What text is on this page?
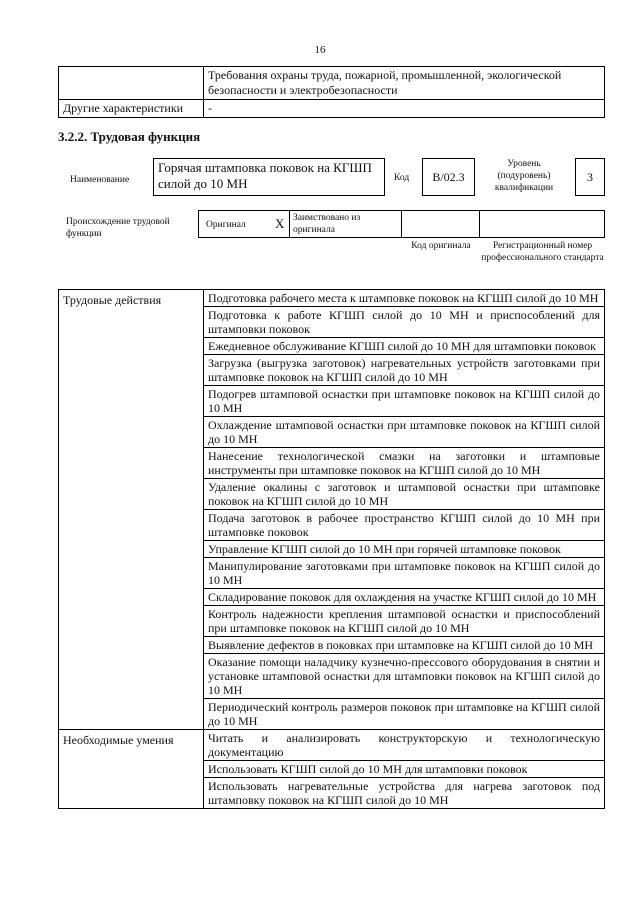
16
	Требования охраны труда, пожарной, промышленной, экологической безопасности и электробезопасности
Другие характеристики	-
3.2.2. Трудовая функция
Наименование
Горячая штамповка поковок на КГШП силой до 10 МН	Код	B/02.3
Уровень (подуровень) квалификации
3
Происхождение трудовой функции
Оригинал X Заимствовано из оригинала
Код оригинала	Регистрационный номер профессионального стандарта
Трудовые действия	Подготовка рабочего места к штамповке поковок на КГШП силой до 10 МН
	Подготовка к работе КГШП силой до 10 МН и приспособлений для штамповки поковок
	Ежедневное обслуживание КГШП силой до 10 МН для штамповки поковок
	Загрузка (выгрузка заготовок) нагревательных устройств заготовками при штамповке поковок на КГШП силой до 10 МН
	Подогрев штамповой оснастки при штамповке поковок на КГШП силой до 10 МН
	Охлаждение штамповой оснастки при штамповке поковок на КГШП силой до 10 МН
	Нанесение технологической смазки на заготовки и штамповые инструменты при штамповке поковок на КГШП силой до 10 МН
	Удаление окалины с заготовок и штамповой оснастки при штамповке поковок на КГШП силой до 10 МН
	Подача заготовок в рабочее пространство КГШП силой до 10 МН при штамповке поковок
	Управление КГШП силой до 10 МН при горячей штамповке поковок
	Манипулирование заготовками при штамповке поковок на КГШП силой до 10 МН
	Складирование поковок для охлаждения на участке КГШП силой до 10 МН
	Контроль надежности крепления штамповой оснастки и приспособлений при штамповке поковок на КГШП силой до 10 МН
	Выявление дефектов в поковках при штамповке на КГШП силой до 10 МН
	Оказание помощи наладчику кузнечно-прессового оборудования в снятии и установке штамповой оснастки для штамповки поковок на КГШП силой до 10 МН
	Периодический контроль размеров поковок при штамповке на КГШП силой до 10 МН
Необходимые умения	Читать и анализировать конструкторскую и технологическую документацию
	Использовать КГШП силой до 10 МН для штамповки поковок
	Использовать нагревательные устройства для нагрева заготовок под штамповку поковок на КГШП силой до 10 МН
